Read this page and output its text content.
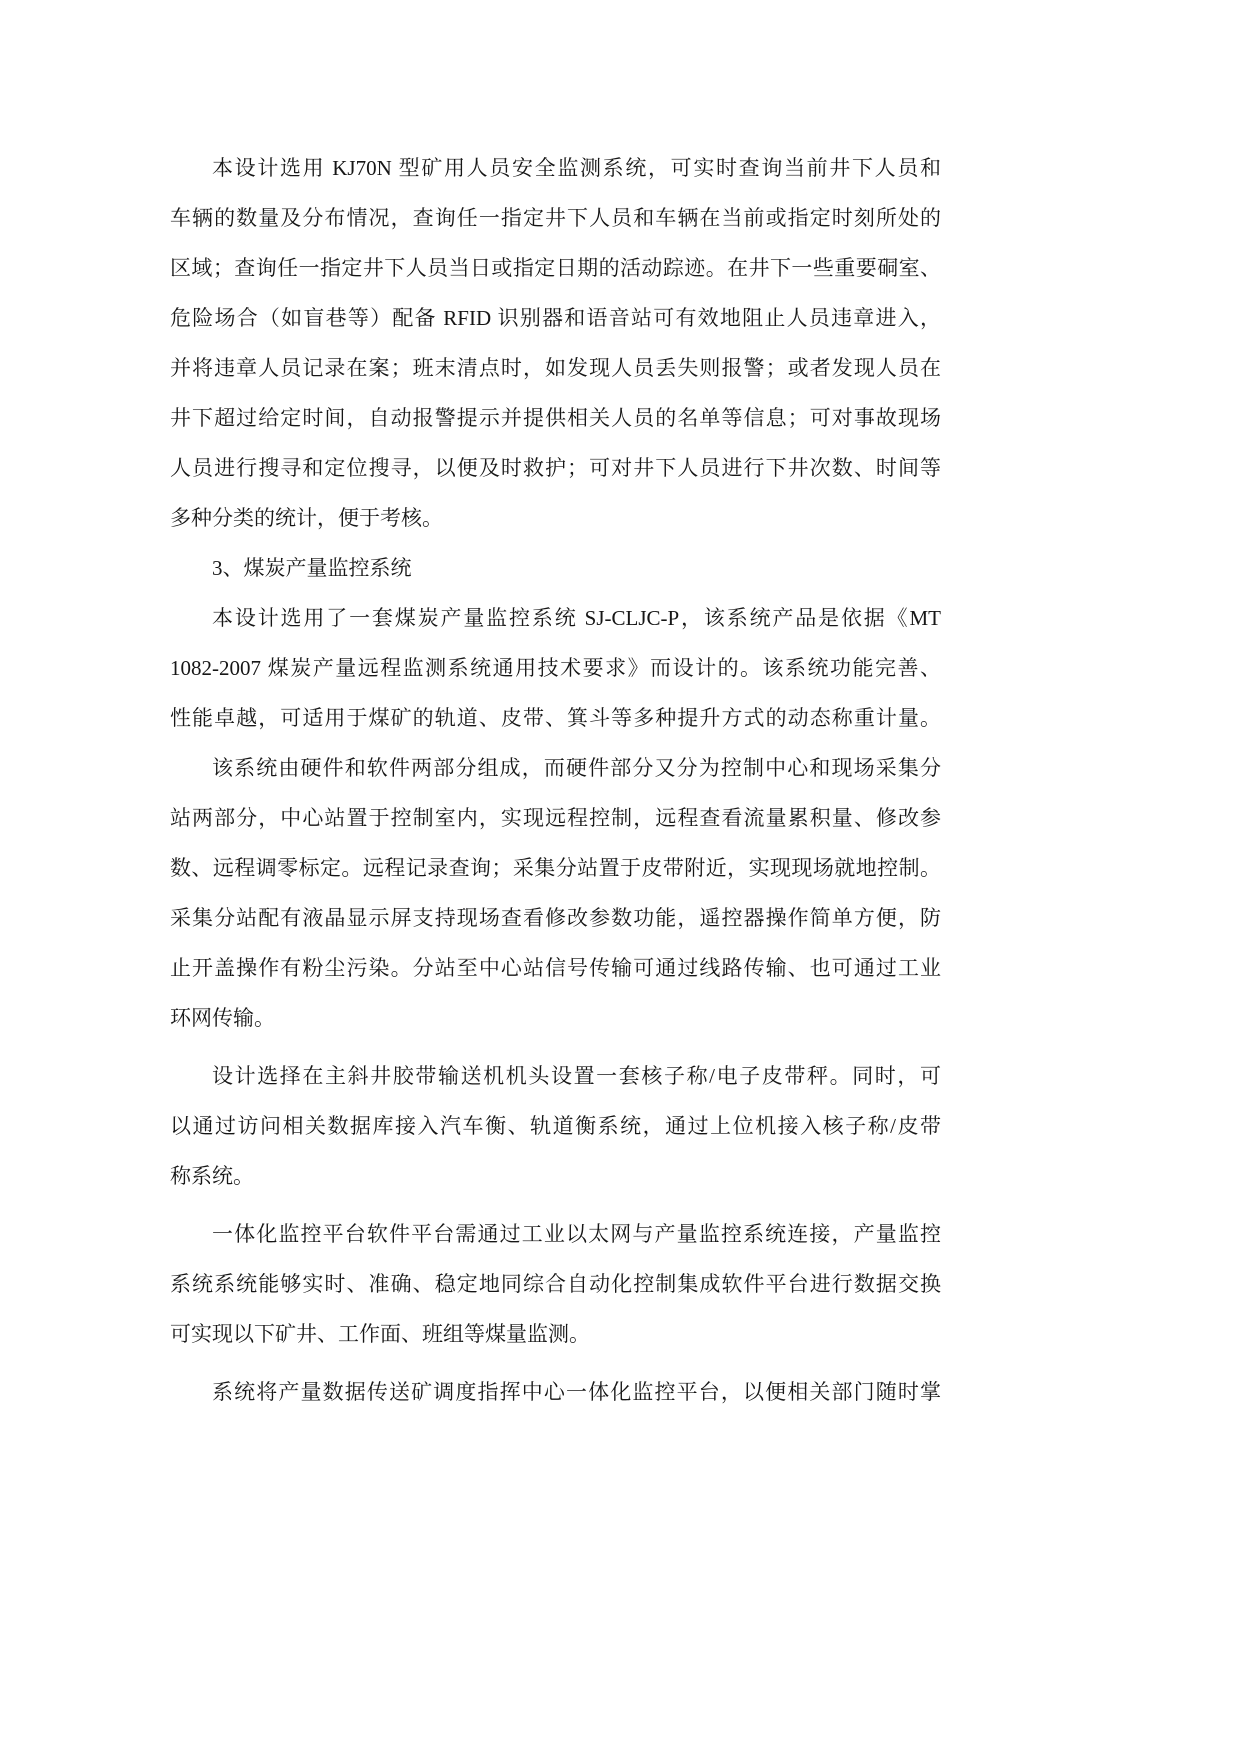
本设计选用 KJ70N 型矿用人员安全监测系统，可实时查询当前井下人员和
车辆的数量及分布情况，查询任一指定井下人员和车辆在当前或指定时刻所处的
区域；查询任一指定井下人员当日或指定日期的活动踪迹。在井下一些重要硐室、
危险场合（如盲巷等）配备 RFID 识别器和语音站可有效地阻止人员违章进入，
并将违章人员记录在案；班末清点时，如发现人员丢失则报警；或者发现人员在
井下超过给定时间，自动报警提示并提供相关人员的名单等信息；可对事故现场
人员进行搜寻和定位搜寻，以便及时救护；可对井下人员进行下井次数、时间等
多种分类的统计，便于考核。
3、煤炭产量监控系统
本设计选用了一套煤炭产量监控系统 SJ-CLJC-P，该系统产品是依据《MT
1082-2007 煤炭产量远程监测系统通用技术要求》而设计的。该系统功能完善、
性能卓越，可适用于煤矿的轨道、皮带、箕斗等多种提升方式的动态称重计量。
该系统由硬件和软件两部分组成，而硬件部分又分为控制中心和现场采集分
站两部分，中心站置于控制室内，实现远程控制，远程查看流量累积量、修改参
数、远程调零标定。远程记录查询；采集分站置于皮带附近，实现现场就地控制。
采集分站配有液晶显示屏支持现场查看修改参数功能，遥控器操作简单方便，防
止开盖操作有粉尘污染。分站至中心站信号传输可通过线路传输、也可通过工业
环网传输。
设计选择在主斜井胶带输送机机头设置一套核子称/电子皮带秤。同时，可
以通过访问相关数据库接入汽车衡、轨道衡系统，通过上位机接入核子称/皮带
称系统。
一体化监控平台软件平台需通过工业以太网与产量监控系统连接，产量监控
系统系统能够实时、准确、稳定地同综合自动化控制集成软件平台进行数据交换
可实现以下矿井、工作面、班组等煤量监测。
系统将产量数据传送矿调度指挥中心一体化监控平台，以便相关部门随时掌
